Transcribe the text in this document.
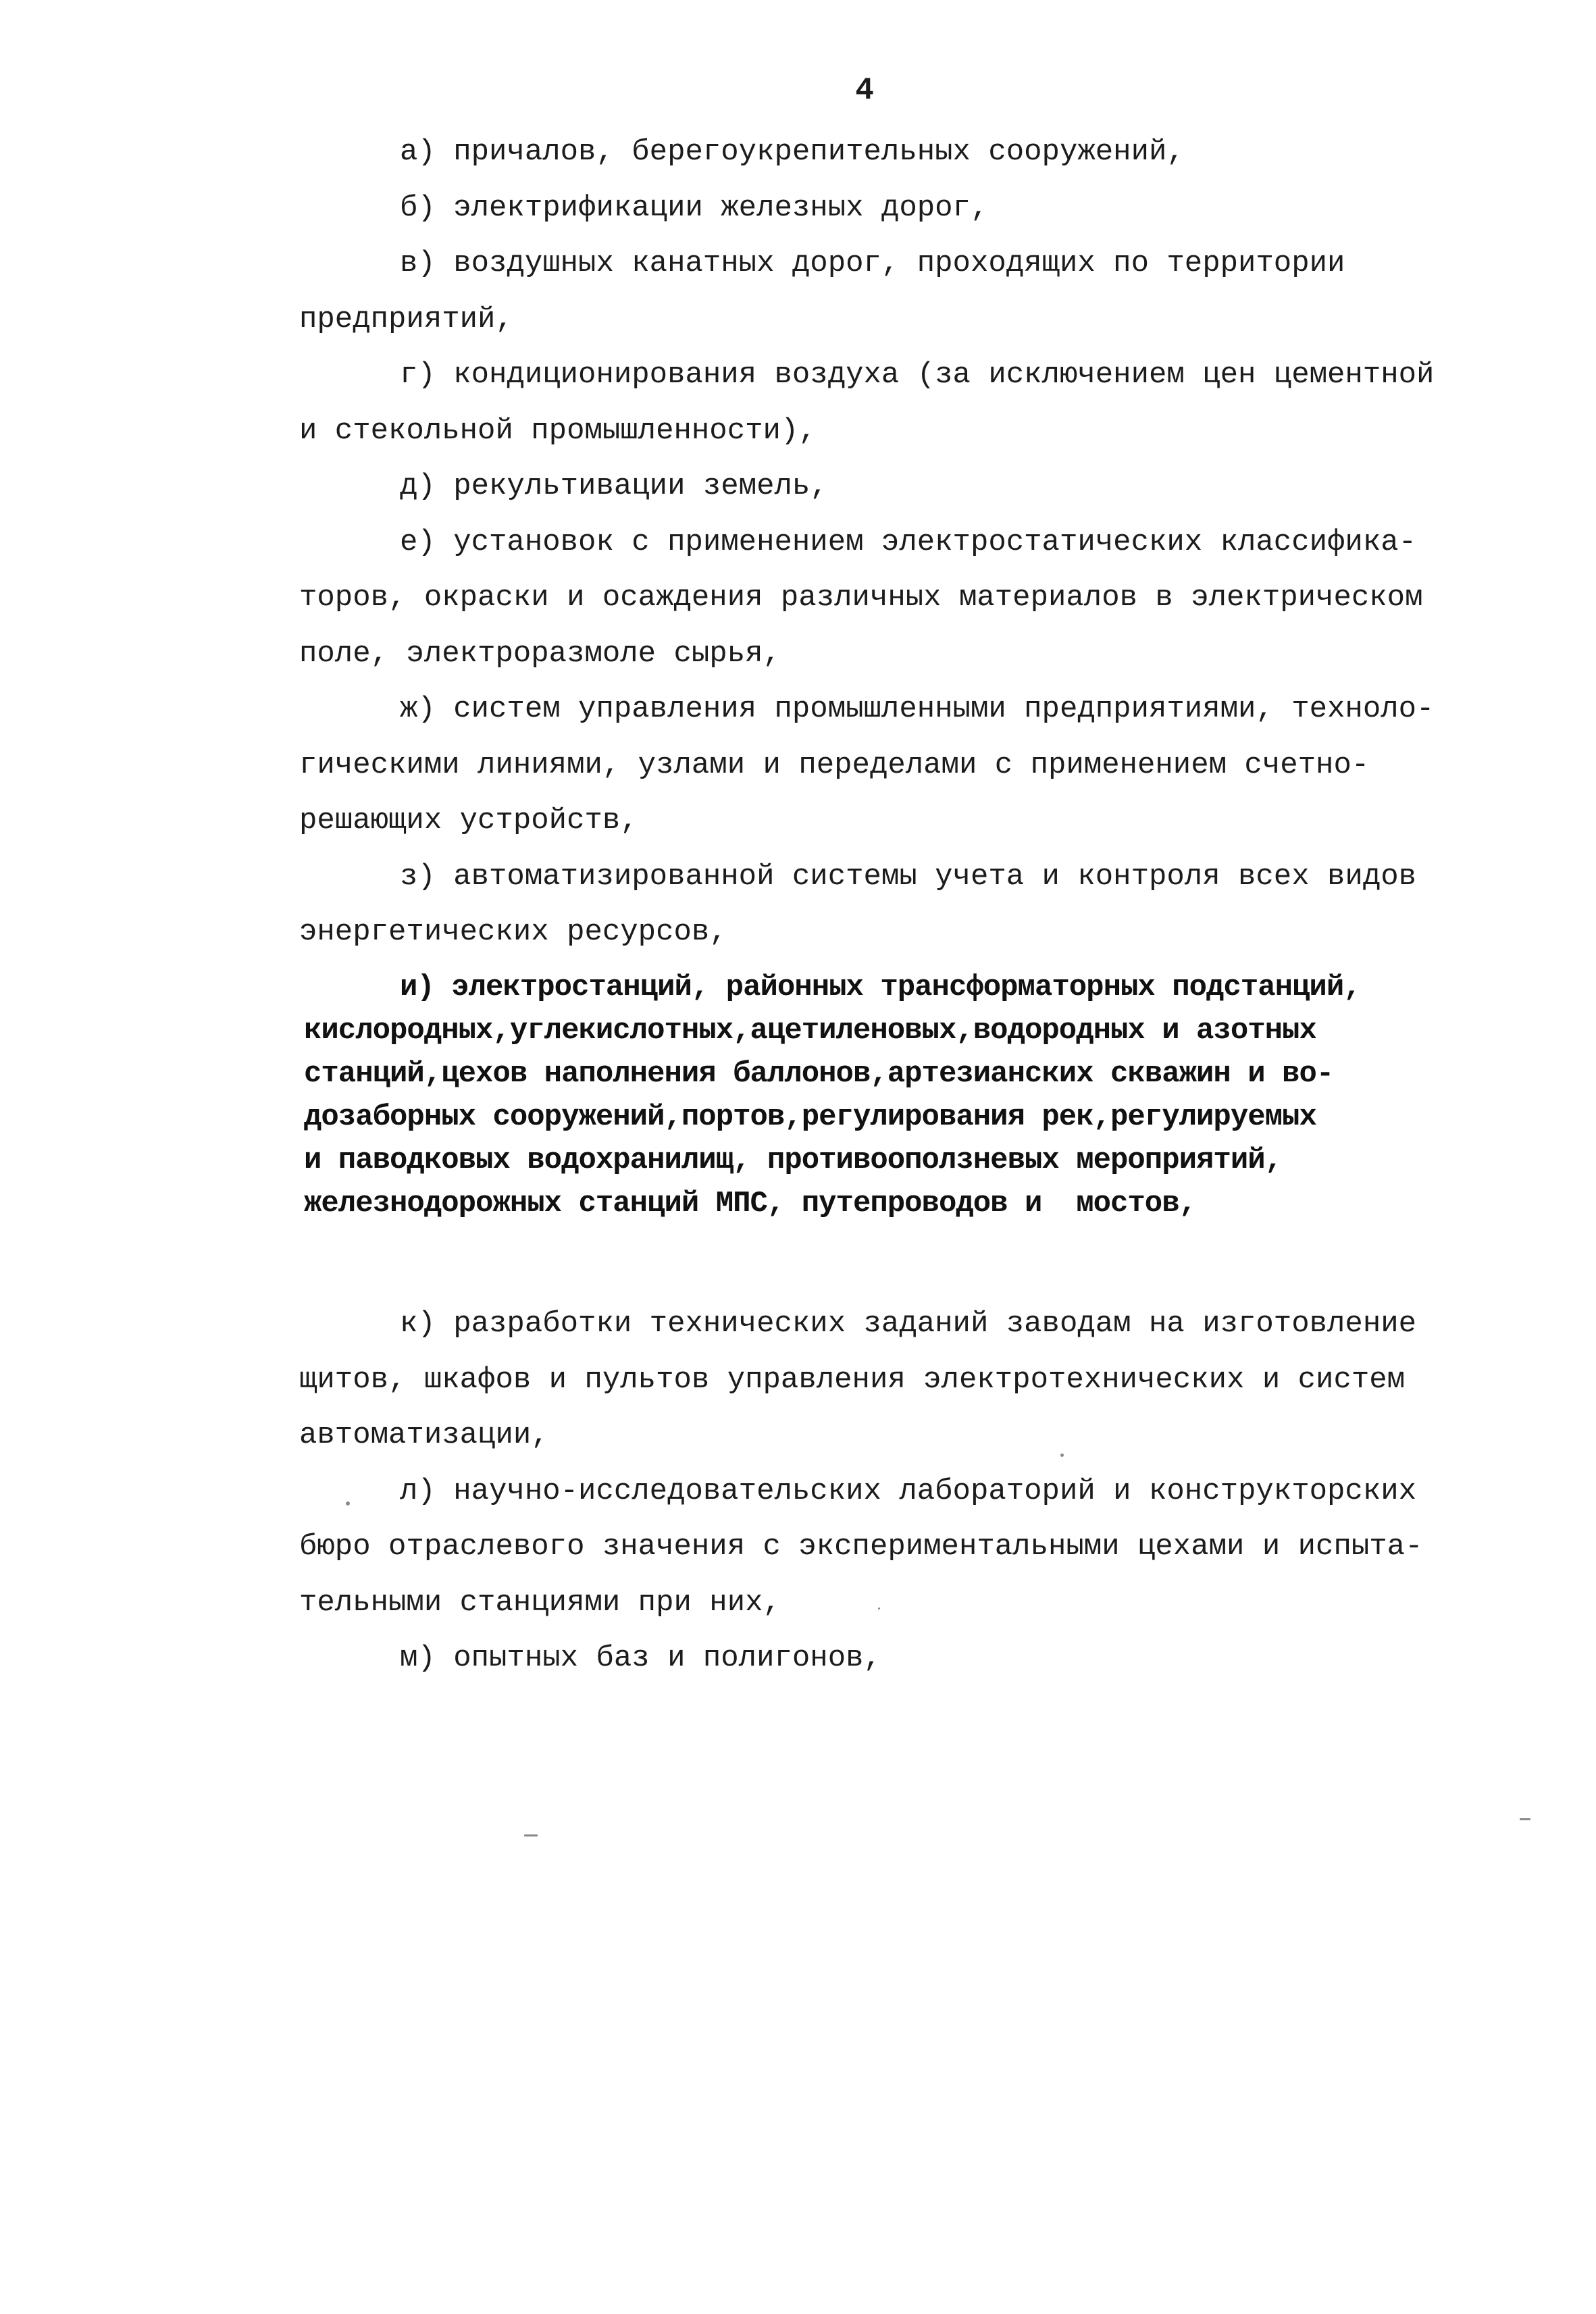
4
а) причалов, берегоукрепительных сооружений,
б) электрификации железных дорог,
в) воздушных канатных дорог, проходящих по территории
предприятий,
г) кондиционирования воздуха (за исключением цен цементной
и стекольной промышленности),
д) рекультивации земель,
е) установок с применением электростатических классифика-
торов, окраски и осаждения различных материалов в электрическом
поле, электроразмоле сырья,
ж) систем управления промышленными предприятиями, техноло-
гическими линиями, узлами и переделами с применением счетно-
решающих устройств,
з) автоматизированной системы учета и контроля всех видов
энергетических ресурсов,
и) электростанций, районных трансформаторных подстанций,
кислородных,углекислотных,ацетиленовых,водородных и азотных
станций,цехов наполнения баллонов,артезианских скважин и во-
дозаборных сооружений,портов,регулирования рек,регулируемых
и паводковых водохранилищ, противооползневых мероприятий,
железнодорожных станций МПС, путепроводов и  мостов,
к) разработки технических заданий заводам на изготовление
щитов, шкафов и пультов управления электротехнических и систем
автоматизации,
л) научно-исследовательских лабораторий и конструкторских
бюро отраслевого значения с экспериментальными цехами и испыта-
тельными станциями при них,
м) опытных баз и полигонов,
